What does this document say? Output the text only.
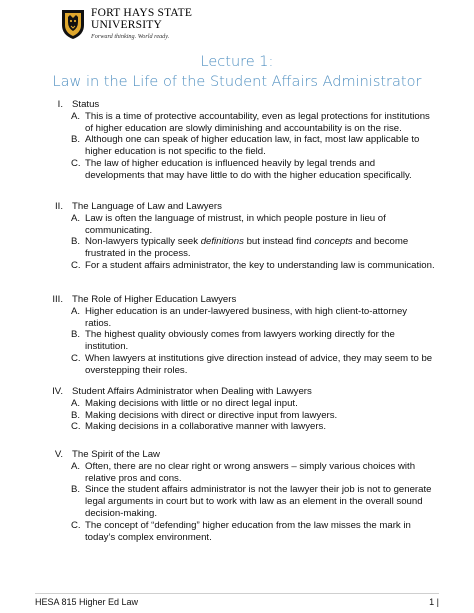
FORT HAYS STATE
UNIVERSITY
Forward thinking. World ready.
Lecture 1:
Law in the Life of the Student Affairs Administrator
I. Status
A. This is a time of protective accountability, even as legal protections for institutions of higher education are slowly diminishing and accountability is on the rise.
B. Although one can speak of higher education law, in fact, most law applicable to higher education is not specific to the field.
C. The law of higher education is influenced heavily by legal trends and developments that may have little to do with the higher education specifically.
II. The Language of Law and Lawyers
A. Law is often the language of mistrust, in which people posture in lieu of communicating.
B. Non-lawyers typically seek definitions but instead find concepts and become frustrated in the process.
C. For a student affairs administrator, the key to understanding law is communication.
III. The Role of Higher Education Lawyers
A. Higher education is an under-lawyered business, with high client-to-attorney ratios.
B. The highest quality obviously comes from lawyers working directly for the institution.
C. When lawyers at institutions give direction instead of advice, they may seem to be overstepping their roles.
IV. Student Affairs Administrator when Dealing with Lawyers
A. Making decisions with little or no direct legal input.
B. Making decisions with direct or directive input from lawyers.
C. Making decisions in a collaborative manner with lawyers.
V. The Spirit of the Law
A. Often, there are no clear right or wrong answers – simply various choices with relative pros and cons.
B. Since the student affairs administrator is not the lawyer their job is not to generate legal arguments in court but to work with law as an element in the overall sound decision-making.
C. The concept of “defending” higher education from the law misses the mark in today’s complex environment.
HESA 815 Higher Ed Law	1 |
